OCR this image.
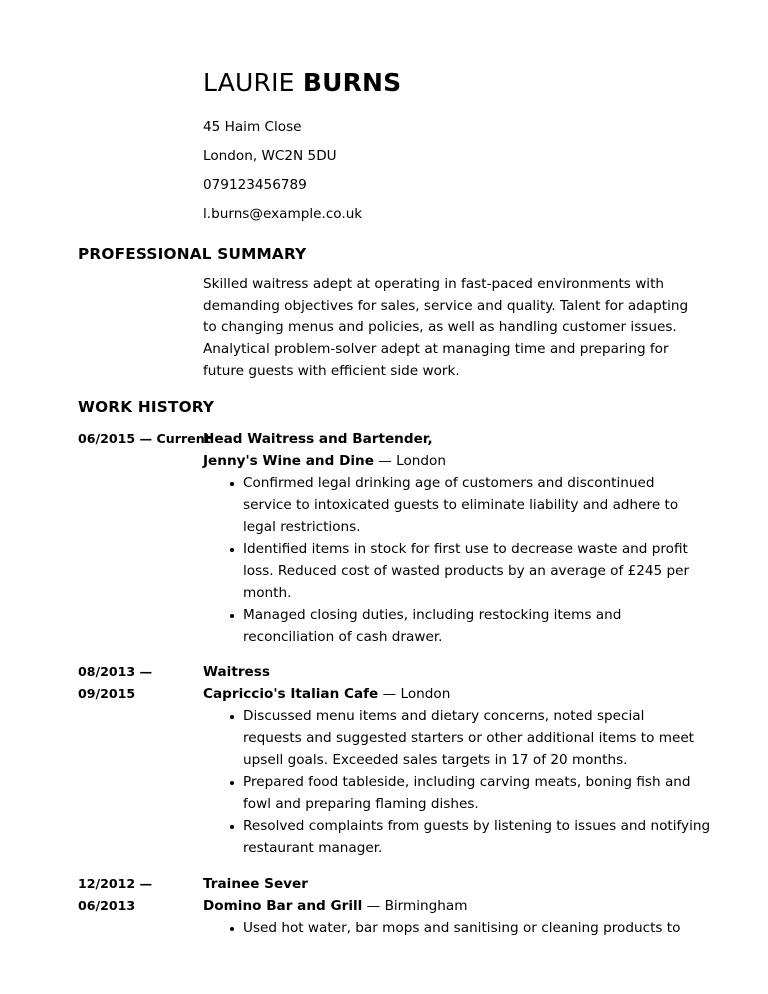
LAURIE BURNS
45 Haim Close
London, WC2N 5DU
079123456789
l.burns@example.co.uk
PROFESSIONAL SUMMARY
Skilled waitress adept at operating in fast-paced environments with
demanding objectives for sales, service and quality. Talent for adapting
to changing menus and policies, as well as handling customer issues.
Analytical problem-solver adept at managing time and preparing for
future guests with efficient side work.
WORK HISTORY
06/2015 — Current
Head Waitress and Bartender,
Jenny's Wine and Dine — London
Confirmed legal drinking age of customers and discontinued
service to intoxicated guests to eliminate liability and adhere to
legal restrictions.
Identified items in stock for first use to decrease waste and profit
loss. Reduced cost of wasted products by an average of £245 per
month.
Managed closing duties, including restocking items and
reconciliation of cash drawer.
08/2013 —
09/2015
Waitress
Capriccio's Italian Cafe — London
Discussed menu items and dietary concerns, noted special
requests and suggested starters or other additional items to meet
upsell goals. Exceeded sales targets in 17 of 20 months.
Prepared food tableside, including carving meats, boning fish and
fowl and preparing flaming dishes.
Resolved complaints from guests by listening to issues and notifying
restaurant manager.
12/2012 —
06/2013
Trainee Sever
Domino Bar and Grill — Birmingham
Used hot water, bar mops and sanitising or cleaning products to
